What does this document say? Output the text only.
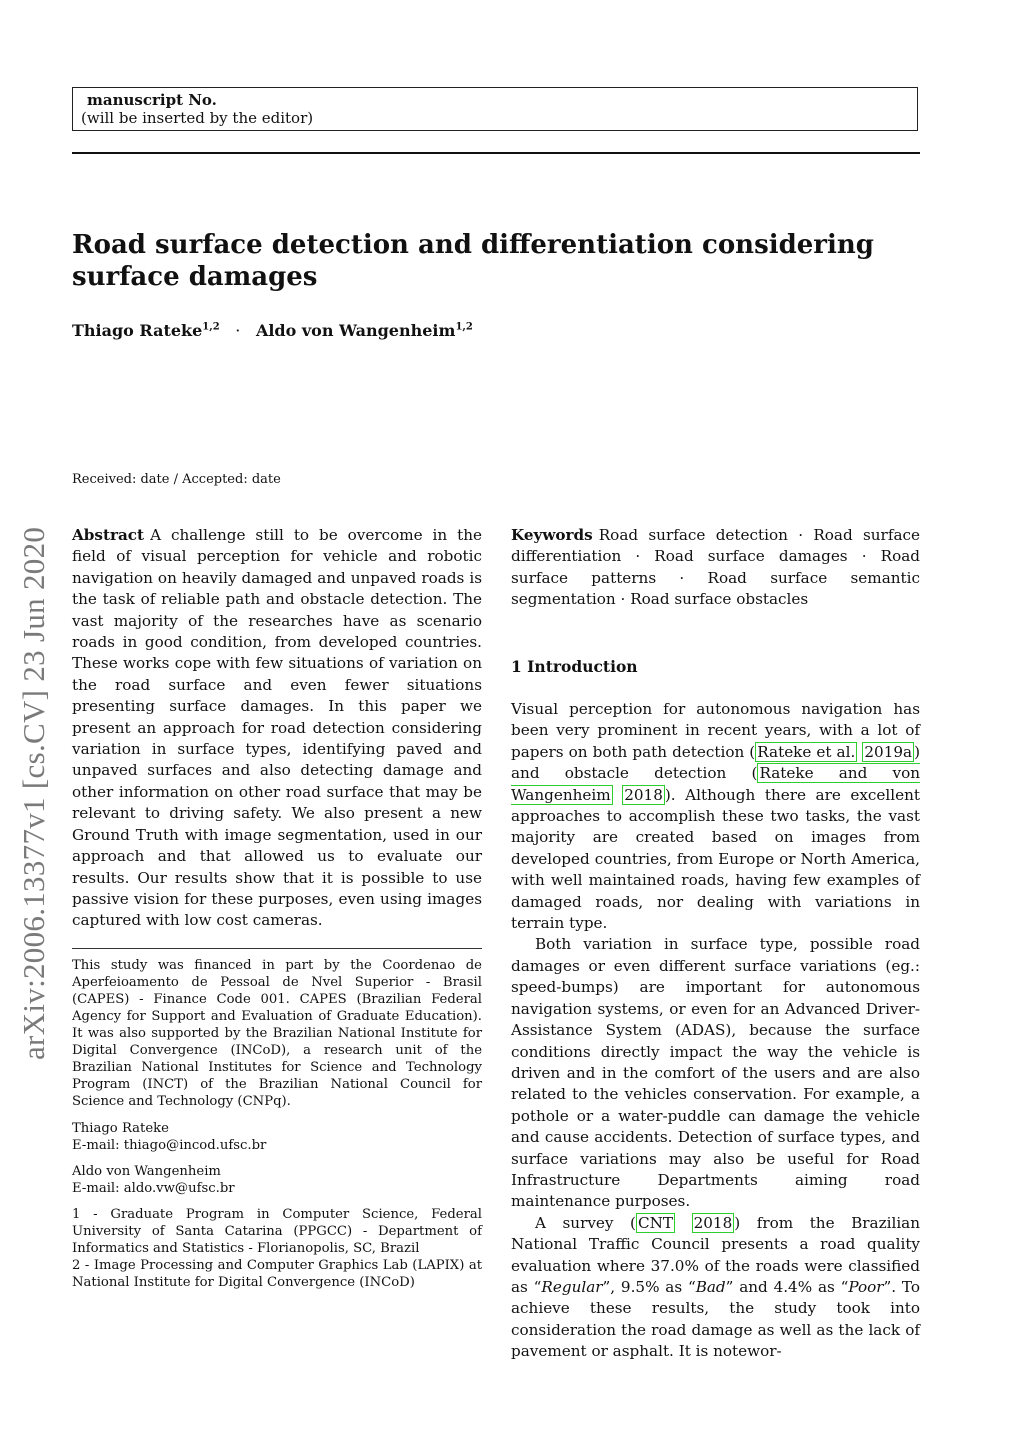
manuscript No.
(will be inserted by the editor)
Road surface detection and differentiation considering surface damages
Thiago Rateke$^{1,2}$ · Aldo von Wangenheim$^{1,2}$
arXiv:2006.13377v1 [cs.CV] 23 Jun 2020
Received: date / Accepted: date
Abstract A challenge still to be overcome in the field of visual perception for vehicle and robotic navigation on heavily damaged and unpaved roads is the task of reliable path and obstacle detection. The vast majority of the researches have as scenario roads in good condition, from developed countries. These works cope with few situations of variation on the road surface and even fewer situations presenting surface damages. In this paper we present an approach for road detection considering variation in surface types, identifying paved and unpaved surfaces and also detecting damage and other information on other road surface that may be relevant to driving safety. We also present a new Ground Truth with image segmentation, used in our approach and that allowed us to evaluate our results. Our results show that it is possible to use passive vision for these purposes, even using images captured with low cost cameras.
Keywords Road surface detection · Road surface differentiation · Road surface damages · Road surface patterns · Road surface semantic segmentation · Road surface obstacles
1 Introduction

Visual perception for autonomous navigation has been very prominent in recent years, with a lot of papers on both path detection ( Rateke et al. 2019a ) and obstacle detection ( Rateke and von Wangenheim 2018 ). Although there are excellent approaches to accomplish these two tasks, the vast majority are created based on images from developed countries, from Europe or North America, with well maintained roads, having few examples of damaged roads, nor dealing with variations in terrain type.

Both variation in surface type, possible road damages or even different surface variations (eg.: speed-bumps) are important for autonomous navigation systems, or even for an Advanced Driver-Assistance System (ADAS), because the surface conditions directly impact the way the vehicle is driven and in the comfort of the users and are also related to the vehicles conservation. For example, a pothole or a water-puddle can damage the vehicle and cause accidents. Detection of surface types, and surface variations may also be useful for Road Infrastructure Departments aiming road maintenance purposes.

A survey ( CNT 2018 ) from the Brazilian National Traffic Council presents a road quality evaluation where 37.0% of the roads were classified as “Regular”, 9.5% as “Bad” and 4.4% as “Poor”. To achieve these results, the study took into consideration the road damage as well as the lack of pavement or asphalt. It is notewor-

This study was financed in part by the Coordenao de Aperfeioamento de Pessoal de Nvel Superior - Brasil (CAPES) - Finance Code 001. CAPES (Brazilian Federal Agency for Support and Evaluation of Graduate Education). It was also supported by the Brazilian National Institute for Digital Convergence (INCoD), a research unit of the Brazilian National Institutes for Science and Technology Program (INCT) of the Brazilian National Council for Science and Technology (CNPq).

Thiago Rateke
E-mail: thiago@incod.ufsc.br
Aldo von Wangenheim
E-mail: aldo.vw@ufsc.br

1 - Graduate Program in Computer Science, Federal University of Santa Catarina (PPGCC) - Department of Informatics and Statistics - Florianopolis, SC, Brazil

2 - Image Processing and Computer Graphics Lab (LAPIX) at National Institute for Digital Convergence (INCoD)
